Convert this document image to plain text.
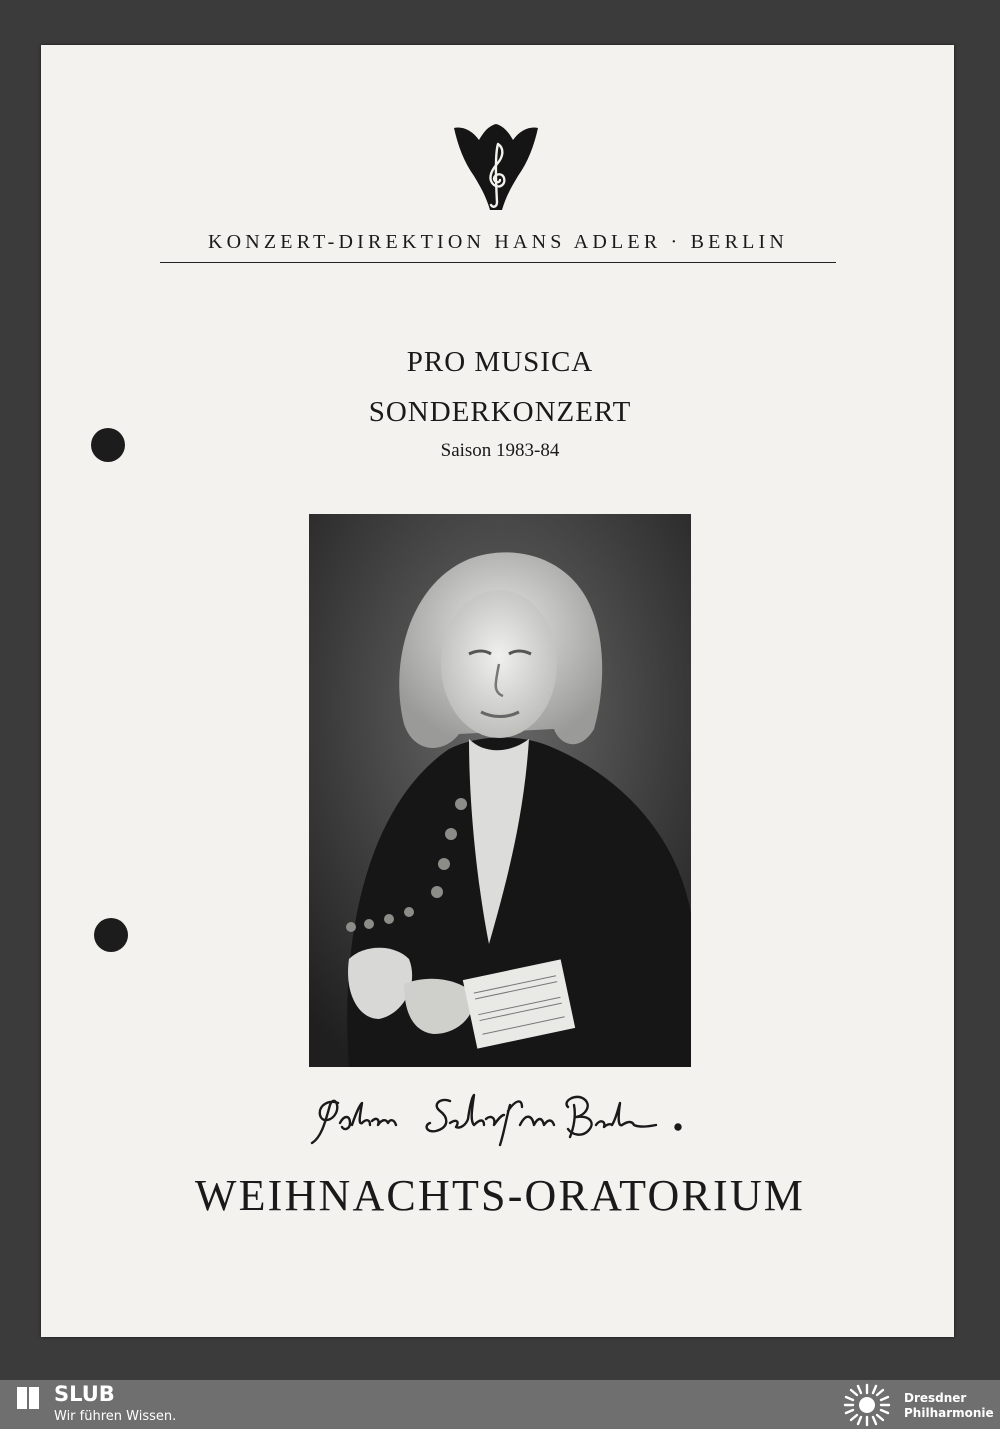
KONZERT-DIREKTION HANS ADLER · BERLIN
PRO MUSICA
SONDERKONZERT
Saison 1983-84
WEIHNACHTS-ORATORIUM
SLUB
Wir führen Wissen.
Dresdner
Philharmonie
